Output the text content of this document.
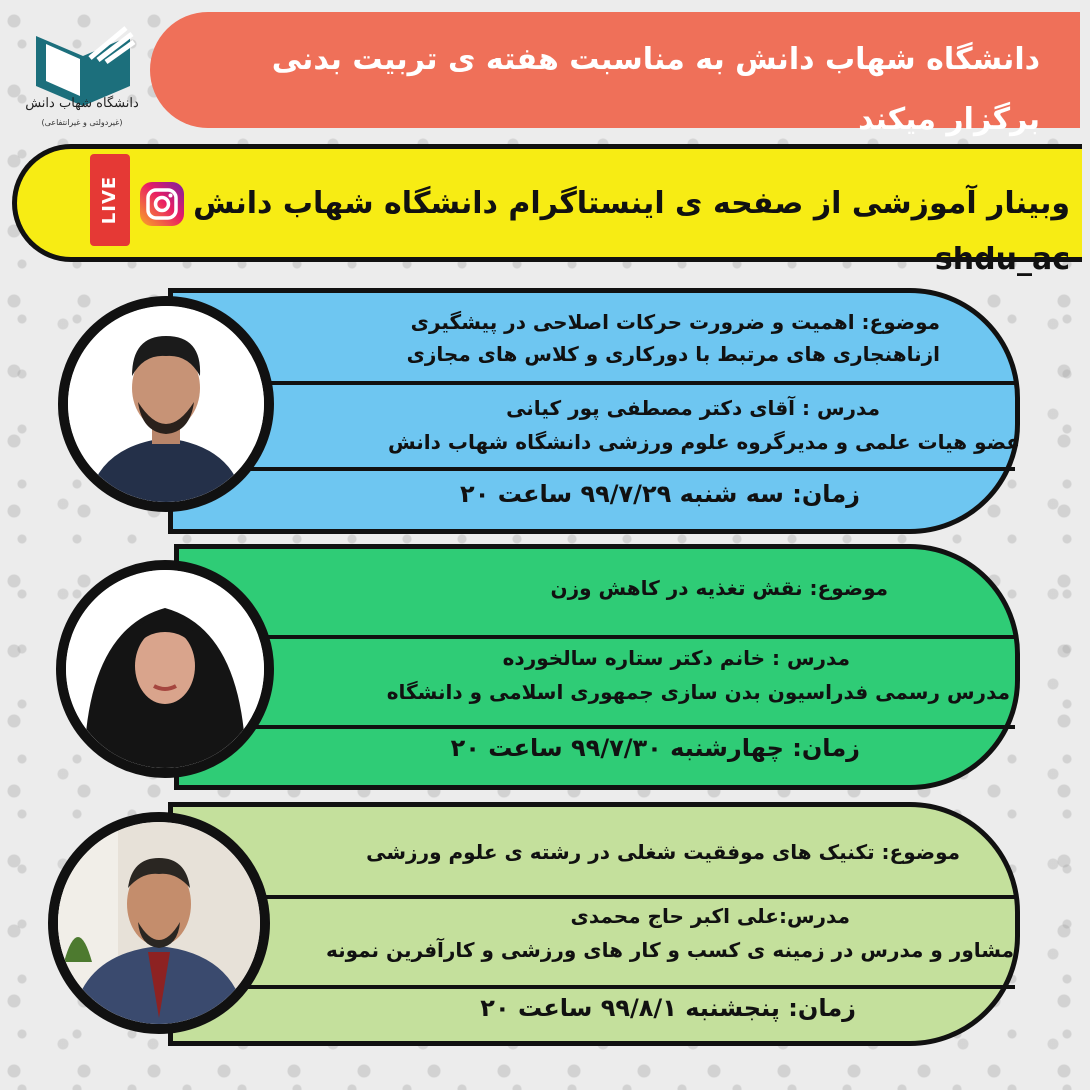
دانشگاه شهاب دانش به مناسبت هفته ی تربیت بدنی برگزار میکند
دانشگاه شهاب دانش
(غیردولتی و غیرانتفاعی)
وبینار آموزشی از صفحه ی اینستاگرام دانشگاه شهاب دانش shdu_ac
LIVE
موضوع: اهمیت و ضرورت حرکات اصلاحی در پیشگیری
ازناهنجاری های مرتبط با دورکاری و کلاس های مجازی
مدرس : آقای دکتر مصطفی پور کیانی
عضو هیات علمی و مدیرگروه علوم ورزشی دانشگاه شهاب دانش
زمان: سه شنبه ۹۹/۷/۲۹ ساعت ۲۰
موضوع: نقش تغذیه در کاهش وزن
مدرس : خانم دکتر ستاره سالخورده
مدرس رسمی فدراسیون بدن سازی جمهوری اسلامی و دانشگاه
زمان: چهارشنبه ۹۹/۷/۳۰ ساعت ۲۰
موضوع: تکنیک های موفقیت شغلی در رشته ی علوم ورزشی
مدرس:علی اکبر حاج محمدی
مشاور و مدرس در زمینه ی کسب و کار های ورزشی و کارآفرین نمونه
زمان: پنجشنبه ۹۹/۸/۱ ساعت ۲۰
